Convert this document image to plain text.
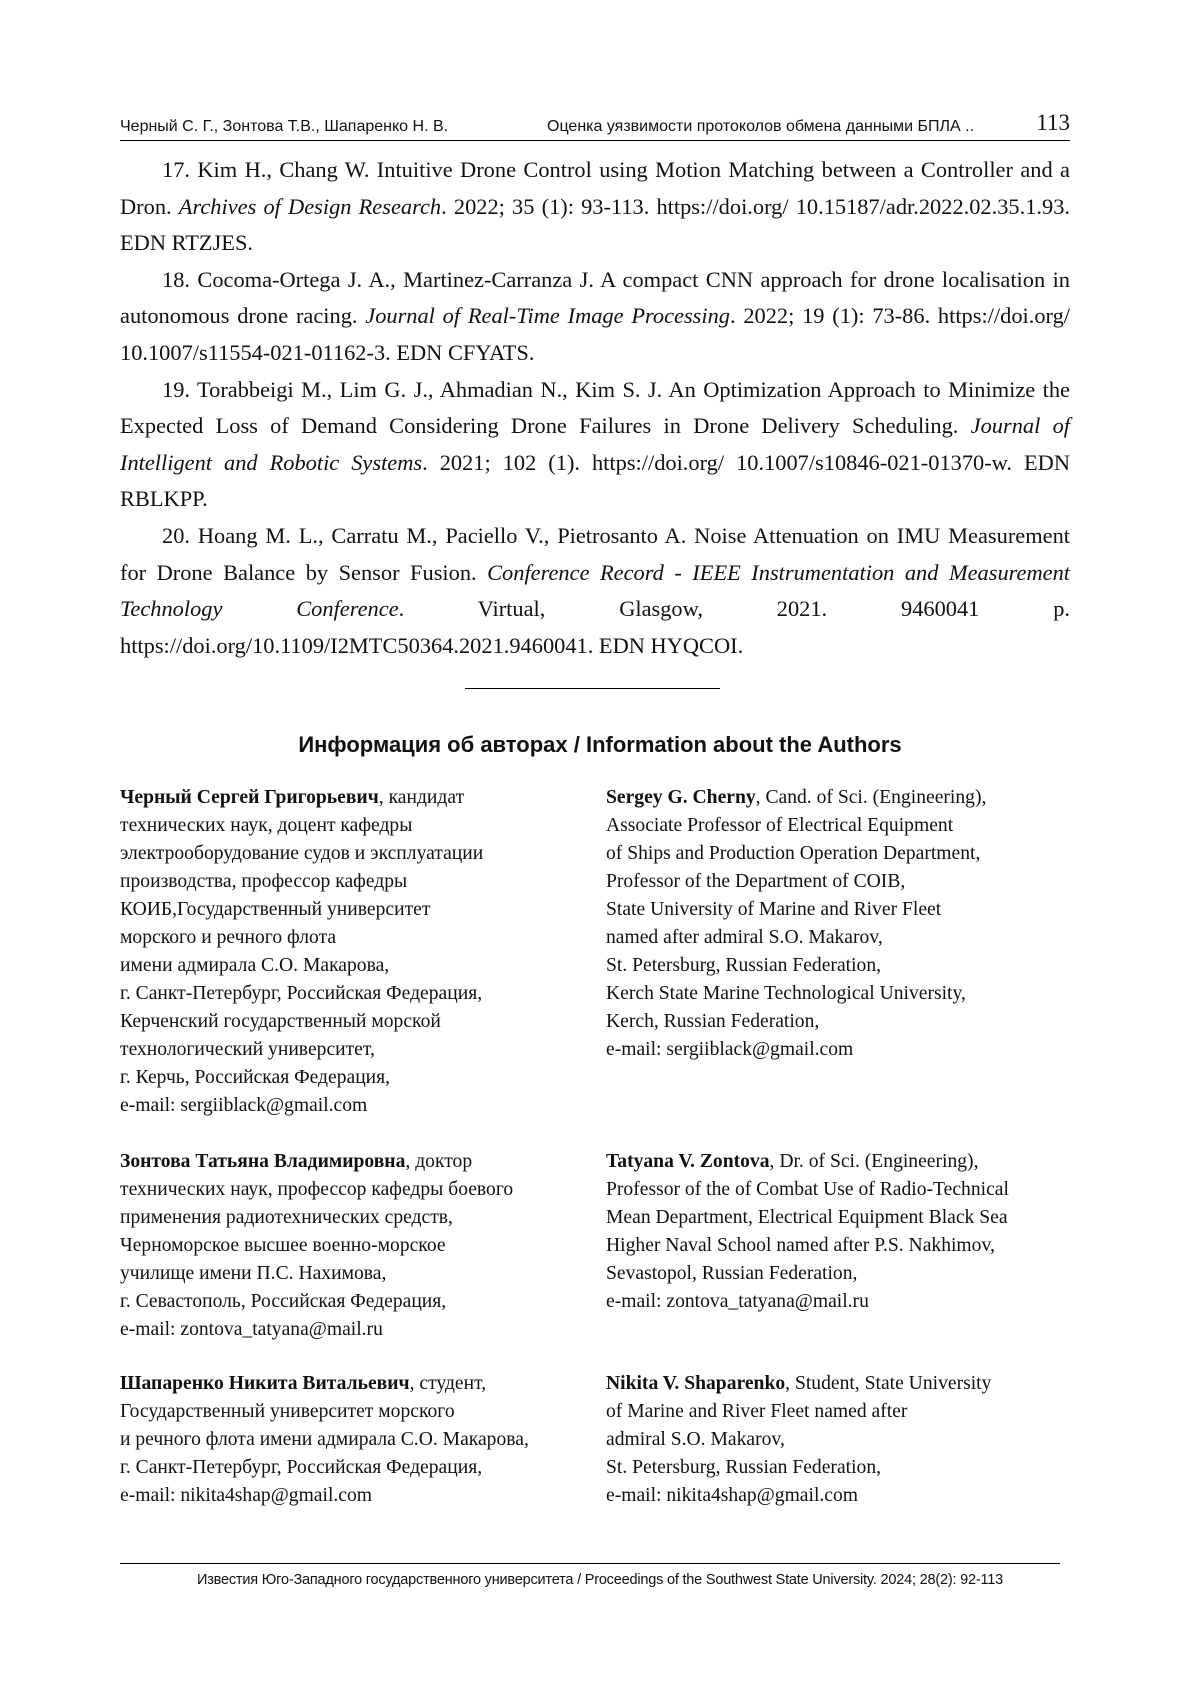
Черный С. Г., Зонтова Т.В., Шапаренко Н. В.	Оценка уязвимости протоколов обмена данными БПЛА ..	113

17. Kim H., Chang W. Intuitive Drone Control using Motion Matching between a Controller and a Dron. Archives of Design Research. 2022; 35 (1): 93-113. https://doi.org/ 10.15187/adr.2022.02.35.1.93. EDN RTZJES.

18. Cocoma-Ortega J. A., Martinez-Carranza J. A compact CNN approach for drone localisation in autonomous drone racing. Journal of Real-Time Image Processing. 2022; 19 (1): 73-86. https://doi.org/ 10.1007/s11554-021-01162-3. EDN CFYATS.

19. Torabbeigi M., Lim G. J., Ahmadian N., Kim S. J. An Optimization Approach to Minimize the Expected Loss of Demand Considering Drone Failures in Drone Delivery Scheduling. Journal of Intelligent and Robotic Systems. 2021; 102 (1). https://doi.org/ 10.1007/s10846-021-01370-w. EDN RBLKPP.

20. Hoang M. L., Carratu M., Paciello V., Pietrosanto A. Noise Attenuation on IMU Measurement for Drone Balance by Sensor Fusion. Conference Record - IEEE Instrumentation and Measurement Technology Conference. Virtual, Glasgow, 2021. 9460041 p. https://doi.org/10.1109/I2MTC50364.2021.9460041. EDN HYQCOI.

Информация об авторах / Information about the Authors
Черный Сергей Григорьевич, кандидат
технических наук, доцент кафедры
электрооборудование судов и эксплуатации
производства, профессор кафедры
КОИБ,Государственный университет
морского и речного флота
имени адмирала С.О. Макарова,
г. Санкт-Петербург, Российская Федерация,
Керченский государственный морской
технологический университет,
г. Керчь, Российская Федерация,
e-mail: sergiiblack@gmail.com
Sergey G. Cherny, Cand. of Sci. (Engineering),
Associate Professor of Electrical Equipment
of Ships and Production Operation Department,
Professor of the Department of COIB,
State University of Marine and River Fleet
named after admiral S.O. Makarov,
St. Petersburg, Russian Federation,
Kerch State Marine Technological University,
Kerch, Russian Federation,
e-mail: sergiiblack@gmail.com
Зонтова Татьяна Владимировна, доктор
технических наук, профессор кафедры боевого
применения радиотехнических средств,
Черноморское высшее военно-морское
училище имени П.С. Нахимова,
г. Севастополь, Российская Федерация,
e-mail: zontova_tatyana@mail.ru
Tatyana V. Zontova, Dr. of Sci. (Engineering),
Professor of the of Combat Use of Radio-Technical
Mean Department, Electrical Equipment Black Sea
Higher Naval School named after P.S. Nakhimov,
Sevastopol, Russian Federation,
e-mail: zontova_tatyana@mail.ru
Шапаренко Никита Витальевич, студент,
Государственный университет морского
и речного флота имени адмирала С.О. Макарова,
г. Санкт-Петербург, Российская Федерация,
e-mail: nikita4shap@gmail.com
Nikita V. Shaparenko, Student, State University
of Marine and River Fleet named after
admiral S.O. Makarov,
St. Petersburg, Russian Federation,
e-mail: nikita4shap@gmail.com
Известия Юго-Западного государственного университета / Proceedings of the Southwest State University. 2024; 28(2): 92-113
